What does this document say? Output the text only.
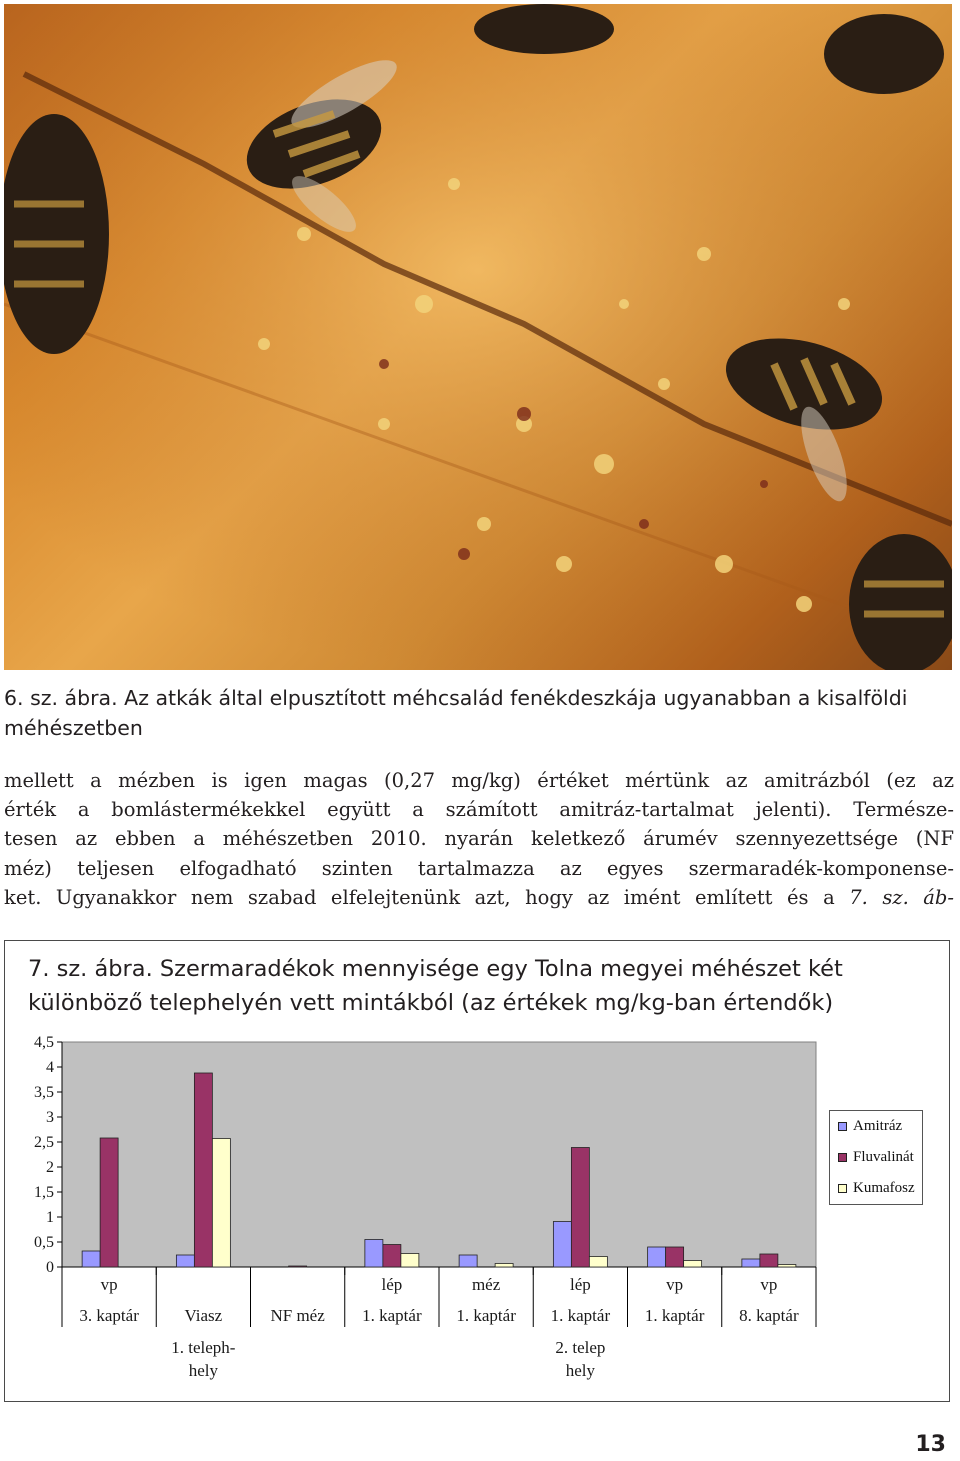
6. sz. ábra. Az atkák által elpusztított méhcsalád fenékdeszkája ugyanabban a kisalföldi méhészetben
mellett a mézben is igen magas (0,27 mg/kg) értéket mértünk az amitrázból (ez az
érték a bomlástermékekkel együtt a számított amitráz-tartalmat jelenti). Természe-
tesen az ebben a méhészetben 2010. nyarán keletkező árumév szennyezettsége (NF
méz) teljesen elfogadható szinten tartalmazza az egyes szermaradék-komponense-
ket. Ugyanakkor nem szabad elfelejtenünk azt, hogy az imént említett és a 7. sz. áb-
7. sz. ábra. Szermaradékok mennyisége egy Tolna megyei méhészet két különböző telephelyén vett mintákból (az értékek mg/kg-ban értendők)
0
0,5
1
1,5
2
2,5
3
3,5
4
4,5
vp
3. kaptár	Viasz	NF méz
lép
1. kaptár
méz
1. kaptár
lép
1. kaptár
vp
1. kaptár
vp
8. kaptár
1. teleph-
hely
2. telep
hely
Amitráz
Fluvalinát
Kumafosz
13
